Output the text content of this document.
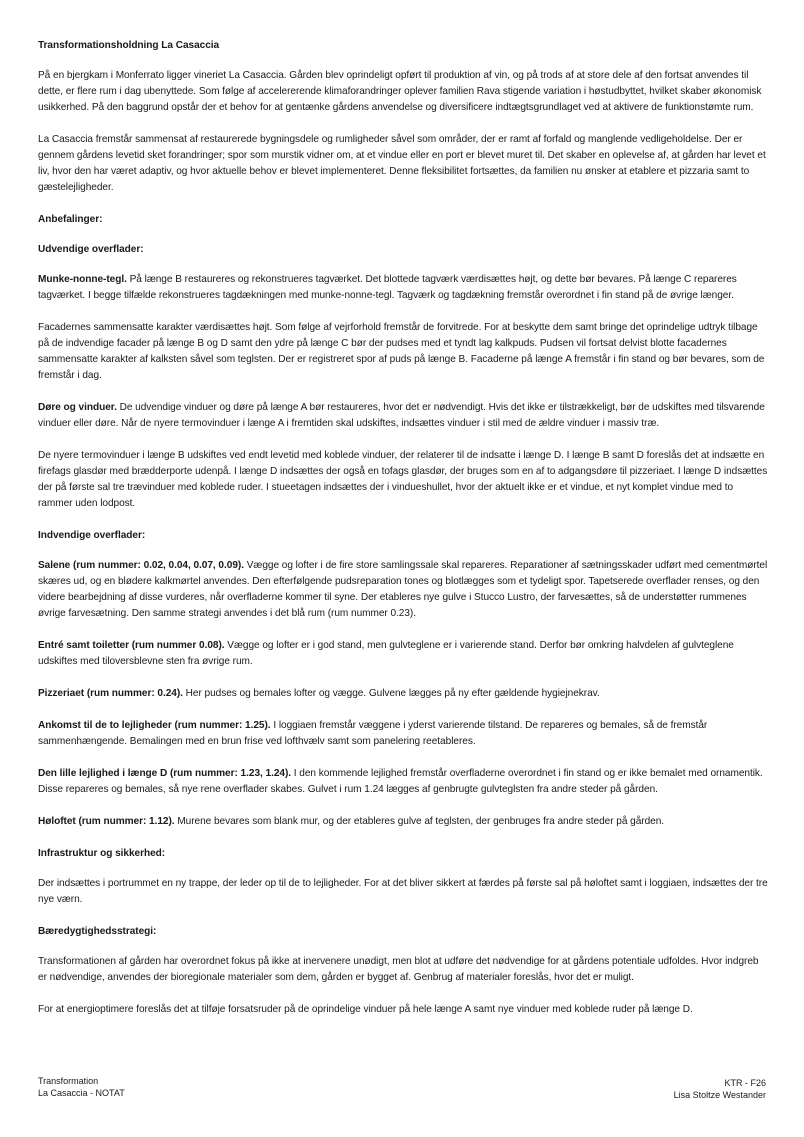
Transformationsholdning La Casaccia

På en bjergkam i Monferrato ligger vineriet La Casaccia. Gården blev oprindeligt opført til produktion af vin, og på trods af at store dele af den fortsat anvendes til dette, er flere rum i dag ubenyttede. Som følge af accelererende klimaforandringer oplever familien Rava stigende variation i høstudbyttet, hvilket skaber økonomisk usikkerhed. På den baggrund opstår der et behov for at gentænke gårdens anvendelse og diversificere indtægtsgrundlaget ved at aktivere de funktionstømte rum.

La Casaccia fremstår sammensat af restaurerede bygningsdele og rumligheder såvel som områder, der er ramt af forfald og manglende vedligeholdelse. Der er gennem gårdens levetid sket forandringer; spor som murstik vidner om, at et vindue eller en port er blevet muret til. Det skaber en oplevelse af, at gården har levet et liv, hvor den har været adaptiv, og hvor aktuelle behov er blevet implementeret. Denne fleksibilitet fortsættes, da familien nu ønsker at etablere et pizzaria samt to gæstelejligheder.

Anbefalinger:
Udvendige overflader:

Munke-nonne-tegl. På længe B restaureres og rekonstrueres tagværket. Det blottede tagværk værdisættes højt, og dette bør bevares. På længe C repareres tagværket. I begge tilfælde rekonstrueres tagdækningen med munke-nonne-tegl. Tagværk og tagdækning fremstår overordnet i fin stand på de øvrige længer.

Facadernes sammensatte karakter værdisættes højt. Som følge af vejrforhold fremstår de forvitrede. For at beskytte dem samt bringe det oprindelige udtryk tilbage på de indvendige facader på længe B og D samt den ydre på længe C bør der pudses med et tyndt lag kalkpuds. Pudsen vil fortsat delvist blotte facadernes sammensatte karakter af kalksten såvel som teglsten. Der er registreret spor af puds på længe B. Facaderne på længe A fremstår i fin stand og bør bevares, som de fremstår i dag.

Døre og vinduer. De udvendige vinduer og døre på længe A bør restaureres, hvor det er nødvendigt. Hvis det ikke er tilstrækkeligt, bør de udskiftes med tilsvarende vinduer eller døre. Når de nyere termovinduer i længe A i fremtiden skal udskiftes, indsættes vinduer i stil med de ældre vinduer i massiv træ.

De nyere termovinduer i længe B udskiftes ved endt levetid med koblede vinduer, der relaterer til de indsatte i længe D. I længe B samt D foreslås det at indsætte en firefags glasdør med brædderporte udenpå. I længe D indsættes der også en tofags glasdør, der bruges som en af to adgangsdøre til pizzeriaet. I længe D indsættes der på første sal tre trævinduer med koblede ruder. I stueetagen indsættes der i vindueshullet, hvor der aktuelt ikke er et vindue, et nyt komplet vindue med to rammer uden lodpost.

Indvendige overflader:

Salene (rum nummer: 0.02, 0.04, 0.07, 0.09). Vægge og lofter i de fire store samlingssale skal repareres. Reparationer af sætningsskader udført med cementmørtel skæres ud, og en blødere kalkmørtel anvendes. Den efterfølgende pudsreparation tones og blotlægges som et tydeligt spor. Tapetserede overflader renses, og den videre bearbejdning af disse vurderes, når overfladerne kommer til syne. Der etableres nye gulve i Stucco Lustro, der farvesættes, så de understøtter rummenes øvrige farvesætning. Den samme strategi anvendes i det blå rum (rum nummer 0.23).

Entré samt toiletter (rum nummer 0.08). Vægge og lofter er i god stand, men gulvteglene er i varierende stand. Derfor bør omkring halvdelen af gulvteglene udskiftes med tiloversblevne sten fra øvrige rum.

Pizzeriaet (rum nummer: 0.24). Her pudses og bemales lofter og vægge. Gulvene lægges på ny efter gældende hygiejnekrav.

Ankomst til de to lejligheder (rum nummer: 1.25). I loggiaen fremstår væggene i yderst varierende tilstand. De repareres og bemales, så de fremstår sammenhængende. Bemalingen med en brun frise ved lofthvælv samt som panelering reetableres.

Den lille lejlighed i længe D (rum nummer: 1.23, 1.24). I den kommende lejlighed fremstår overfladerne overordnet i fin stand og er ikke bemalet med ornamentik. Disse repareres og bemales, så nye rene overflader skabes. Gulvet i rum 1.24 lægges af genbrugte gulvteglsten fra andre steder på gården.

Høloftet (rum nummer: 1.12). Murene bevares som blank mur, og der etableres gulve af teglsten, der genbruges fra andre steder på gården.

Infrastruktur og sikkerhed:

Der indsættes i portrummet en ny trappe, der leder op til de to lejligheder. For at det bliver sikkert at færdes på første sal på høloftet samt i loggiaen, indsættes der tre nye værn.

Bæredygtighedsstrategi:

Transformationen af gården har overordnet fokus på ikke at inervenere unødigt, men blot at udføre det nødvendige for at gårdens potentiale udfoldes. Hvor indgreb er nødvendige, anvendes der bioregionale materialer som dem, gården er bygget af. Genbrug af materialer foreslås, hvor det er muligt.

For at energioptimere foreslås det at tilføje forsatsruder på de oprindelige vinduer på hele længe A samt nye vinduer med koblede ruder på længe D.

Transformation
La Casaccia - NOTAT
KTR - F26
Lisa Stoltze Westander
